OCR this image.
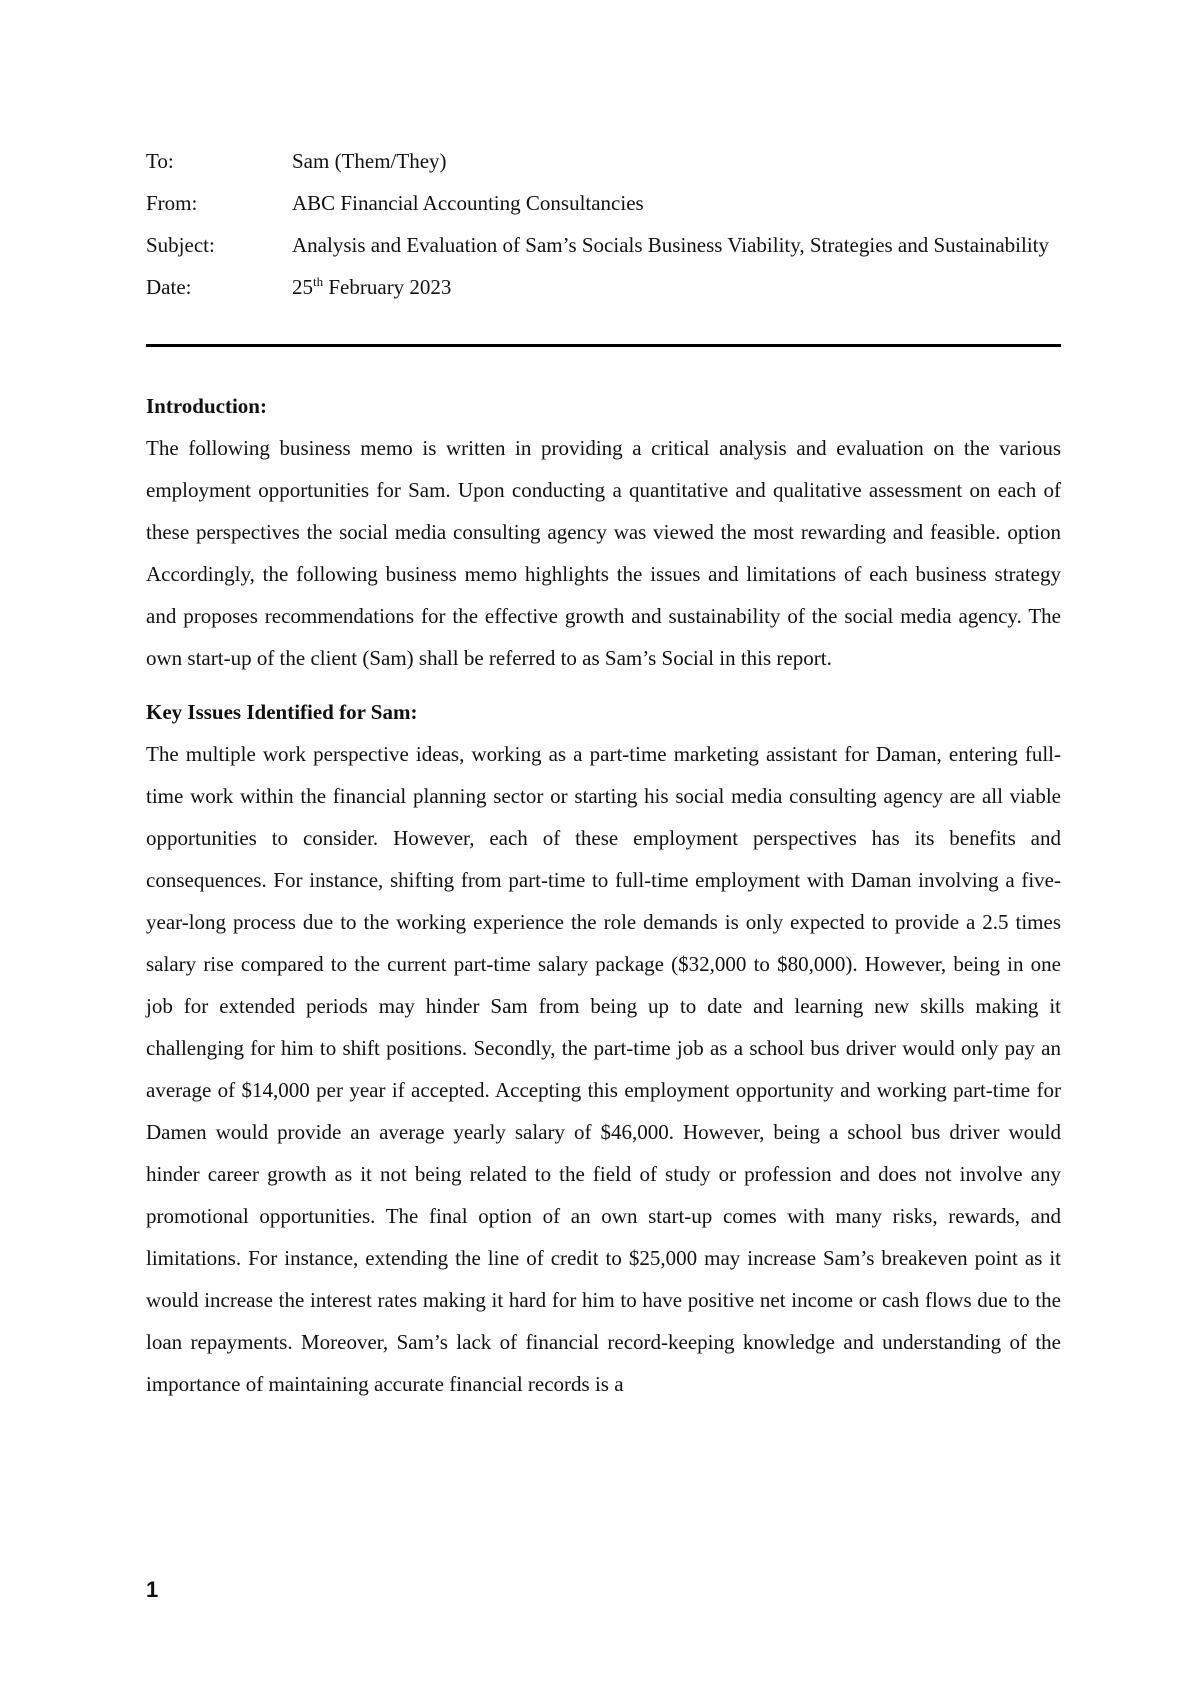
To:	Sam (Them/They)
From:	ABC Financial Accounting Consultancies
Subject:	Analysis and Evaluation of Sam’s Socials Business Viability, Strategies and Sustainability
Date:	25th February 2023

Introduction:

The following business memo is written in providing a critical analysis and evaluation on the various employment opportunities for Sam. Upon conducting a quantitative and qualitative assessment on each of these perspectives the social media consulting agency was viewed the most rewarding and feasible. option Accordingly, the following business memo highlights the issues and limitations of each business strategy and proposes recommendations for the effective growth and sustainability of the social media agency. The own start-up of the client (Sam) shall be referred to as Sam’s Social in this report.

Key Issues Identified for Sam:

The multiple work perspective ideas, working as a part-time marketing assistant for Daman, entering full-time work within the financial planning sector or starting his social media consulting agency are all viable opportunities to consider. However, each of these employment perspectives has its benefits and consequences. For instance, shifting from part-time to full-time employment with Daman involving a five-year-long process due to the working experience the role demands is only expected to provide a 2.5 times salary rise compared to the current part-time salary package ($32,000 to $80,000). However, being in one job for extended periods may hinder Sam from being up to date and learning new skills making it challenging for him to shift positions. Secondly, the part-time job as a school bus driver would only pay an average of $14,000 per year if accepted. Accepting this employment opportunity and working part-time for Damen would provide an average yearly salary of $46,000. However, being a school bus driver would hinder career growth as it not being related to the field of study or profession and does not involve any promotional opportunities. The final option of an own start-up comes with many risks, rewards, and limitations. For instance, extending the line of credit to $25,000 may increase Sam’s breakeven point as it would increase the interest rates making it hard for him to have positive net income or cash flows due to the loan repayments. Moreover, Sam’s lack of financial record-keeping knowledge and understanding of the importance of maintaining accurate financial records is a

1
